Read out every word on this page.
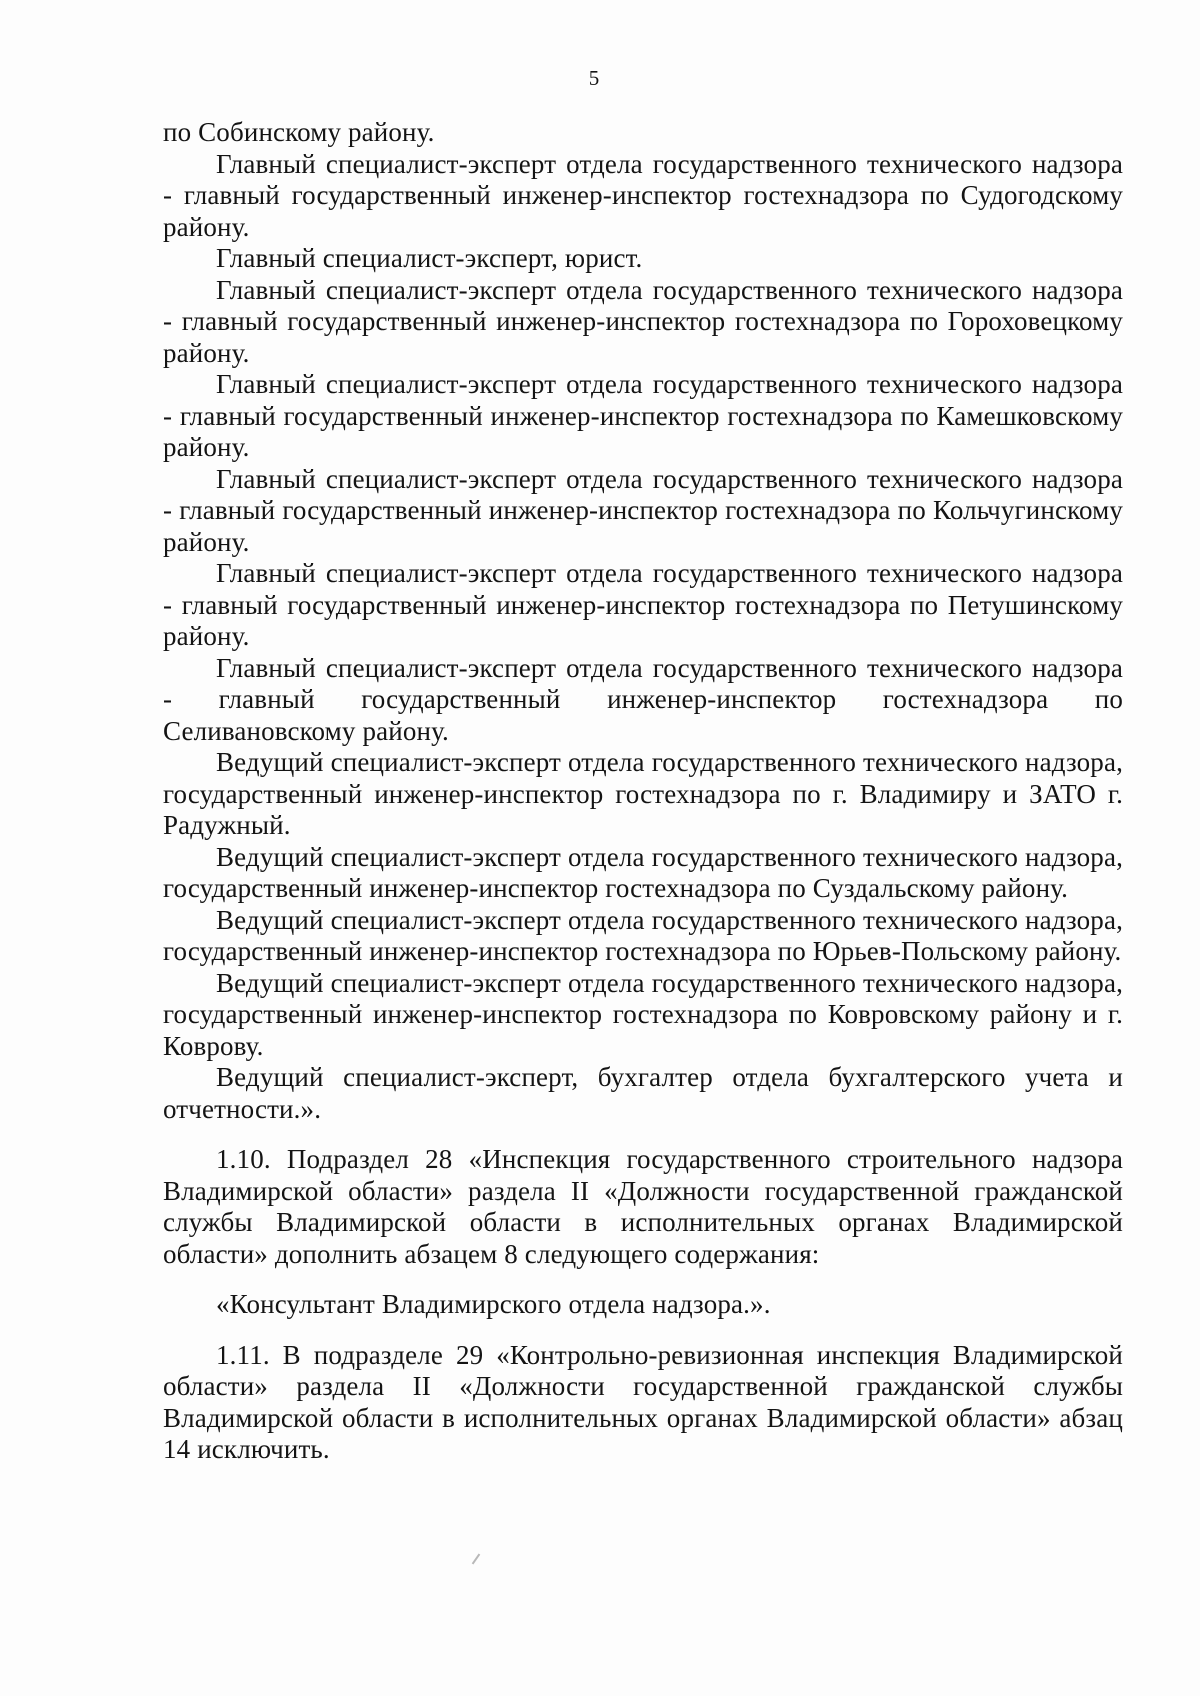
5

по Собинскому району.

Главный специалист-эксперт отдела государственного технического надзора - главный государственный инженер-инспектор гостехнадзора по Судогодскому району.

Главный специалист-эксперт, юрист.

Главный специалист-эксперт отдела государственного технического надзора - главный государственный инженер-инспектор гостехнадзора по Гороховецкому району.

Главный специалист-эксперт отдела государственного технического надзора - главный государственный инженер-инспектор гостехнадзора по Камешковскому району.

Главный специалист-эксперт отдела государственного технического надзора - главный государственный инженер-инспектор гостехнадзора по Кольчугинскому району.

Главный специалист-эксперт отдела государственного технического надзора - главный государственный инженер-инспектор гостехнадзора по Петушинскому району.

Главный специалист-эксперт отдела государственного технического надзора - главный государственный инженер-инспектор гостехнадзора по Селивановскому району.

Ведущий специалист-эксперт отдела государственного технического надзора, государственный инженер-инспектор гостехнадзора по г. Владимиру и ЗАТО г. Радужный.

Ведущий специалист-эксперт отдела государственного технического надзора, государственный инженер-инспектор гостехнадзора по Суздальскому району.

Ведущий специалист-эксперт отдела государственного технического надзора, государственный инженер-инспектор гостехнадзора по Юрьев-Польскому району.

Ведущий специалист-эксперт отдела государственного технического надзора, государственный инженер-инспектор гостехнадзора по Ковровскому району и г. Коврову.

Ведущий специалист-эксперт, бухгалтер отдела бухгалтерского учета и отчетности.».

1.10. Подраздел 28 «Инспекция государственного строительного надзора Владимирской области» раздела II «Должности государственной гражданской службы Владимирской области в исполнительных органах Владимирской области» дополнить абзацем 8 следующего содержания:

«Консультант Владимирского отдела надзора.».

1.11. В подразделе 29 «Контрольно-ревизионная инспекция Владимирской области» раздела II «Должности государственной гражданской службы Владимирской области в исполнительных органах Владимирской области» абзац 14 исключить.
